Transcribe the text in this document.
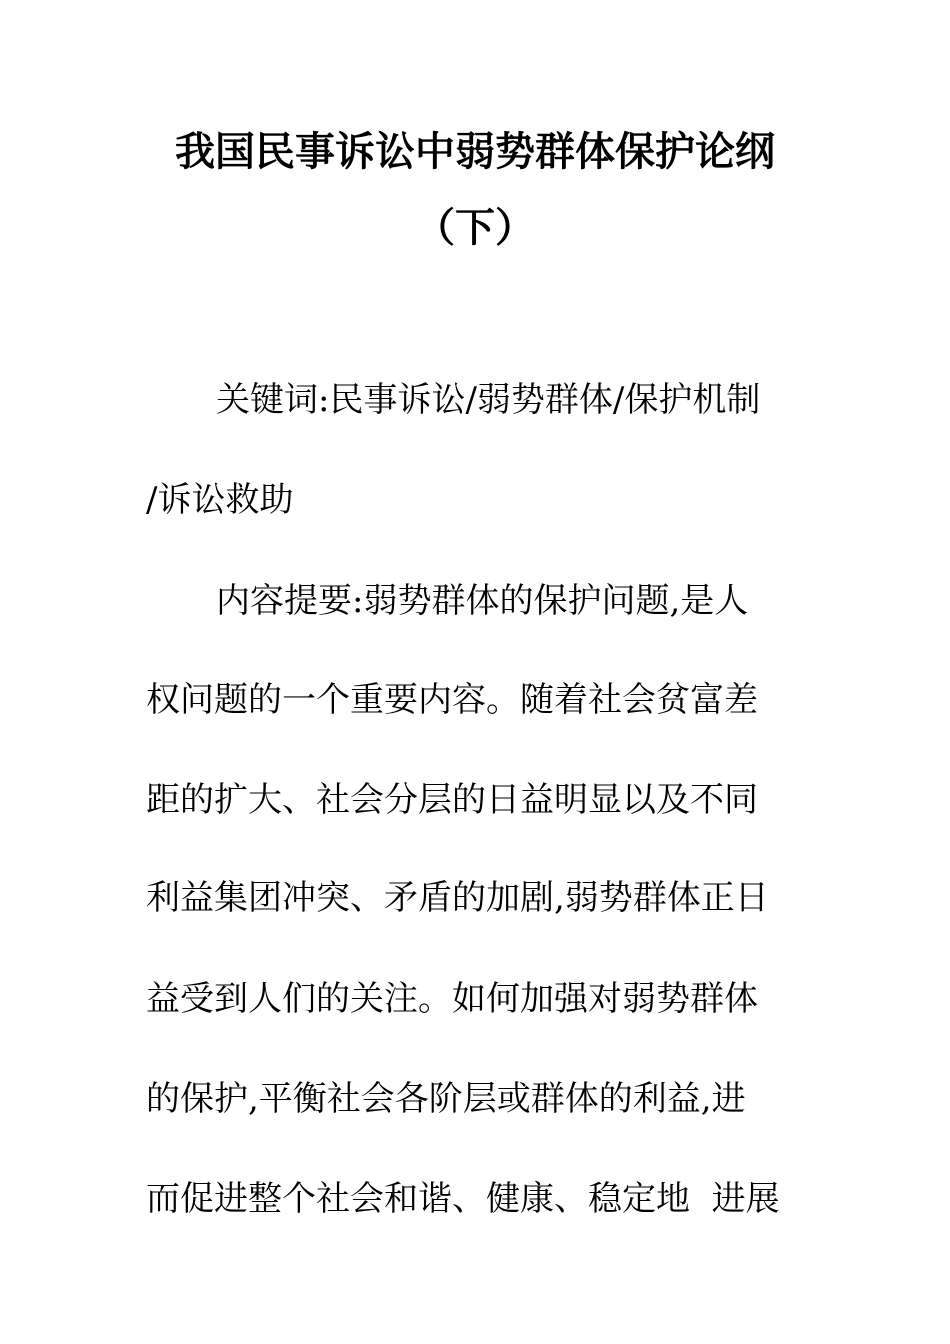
我国民事诉讼中弱势群体保护论纲
（下）
关键词:民事诉讼/弱势群体/保护机制
/诉讼救助
内容提要:弱势群体的保护问题,是人
权问题的一个重要内容。随着社会贫富差
距的扩大、社会分层的日益明显以及不同
利益集团冲突、矛盾的加剧,弱势群体正日
益受到人们的关注。如何加强对弱势群体
的保护,平衡社会各阶层或群体的利益,进
而促进整个社会和谐、健康、稳定地  进展
